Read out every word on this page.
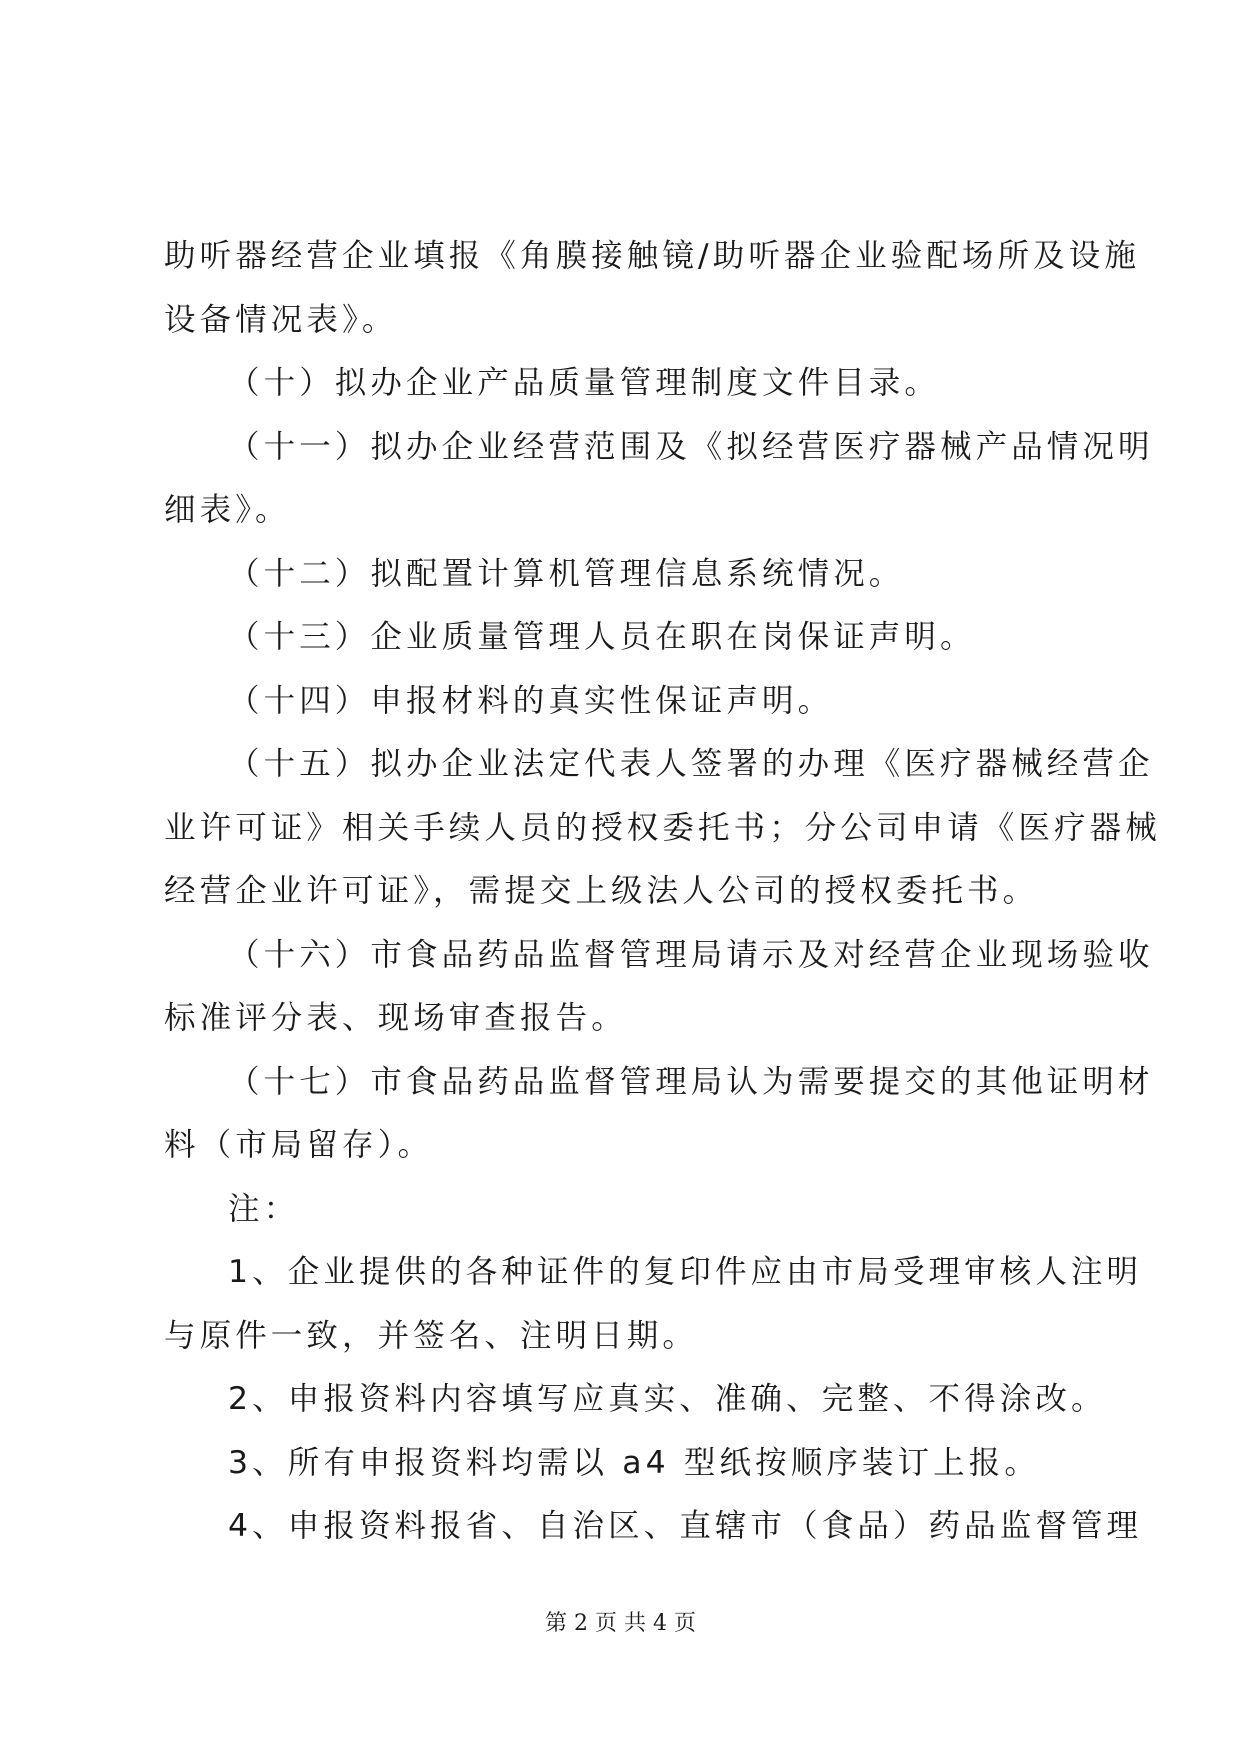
助听器经营企业填报《角膜接触镜/助听器企业验配场所及设施
设备情况表》。
（十）拟办企业产品质量管理制度文件目录。
（十一）拟办企业经营范围及《拟经营医疗器械产品情况明
细表》。
（十二）拟配置计算机管理信息系统情况。
（十三）企业质量管理人员在职在岗保证声明。
（十四）申报材料的真实性保证声明。
（十五）拟办企业法定代表人签署的办理《医疗器械经营企
业许可证》相关手续人员的授权委托书；分公司申请《医疗器械
经营企业许可证》，需提交上级法人公司的授权委托书。
（十六）市食品药品监督管理局请示及对经营企业现场验收
标准评分表、现场审查报告。
（十七）市食品药品监督管理局认为需要提交的其他证明材
料（市局留存）。
注：
1、企业提供的各种证件的复印件应由市局受理审核人注明
与原件一致，并签名、注明日期。
2、申报资料内容填写应真实、准确、完整、不得涂改。
3、所有申报资料均需以 a4 型纸按顺序装订上报。
4、申报资料报省、自治区、直辖市（食品）药品监督管理
第 2 页 共 4 页
